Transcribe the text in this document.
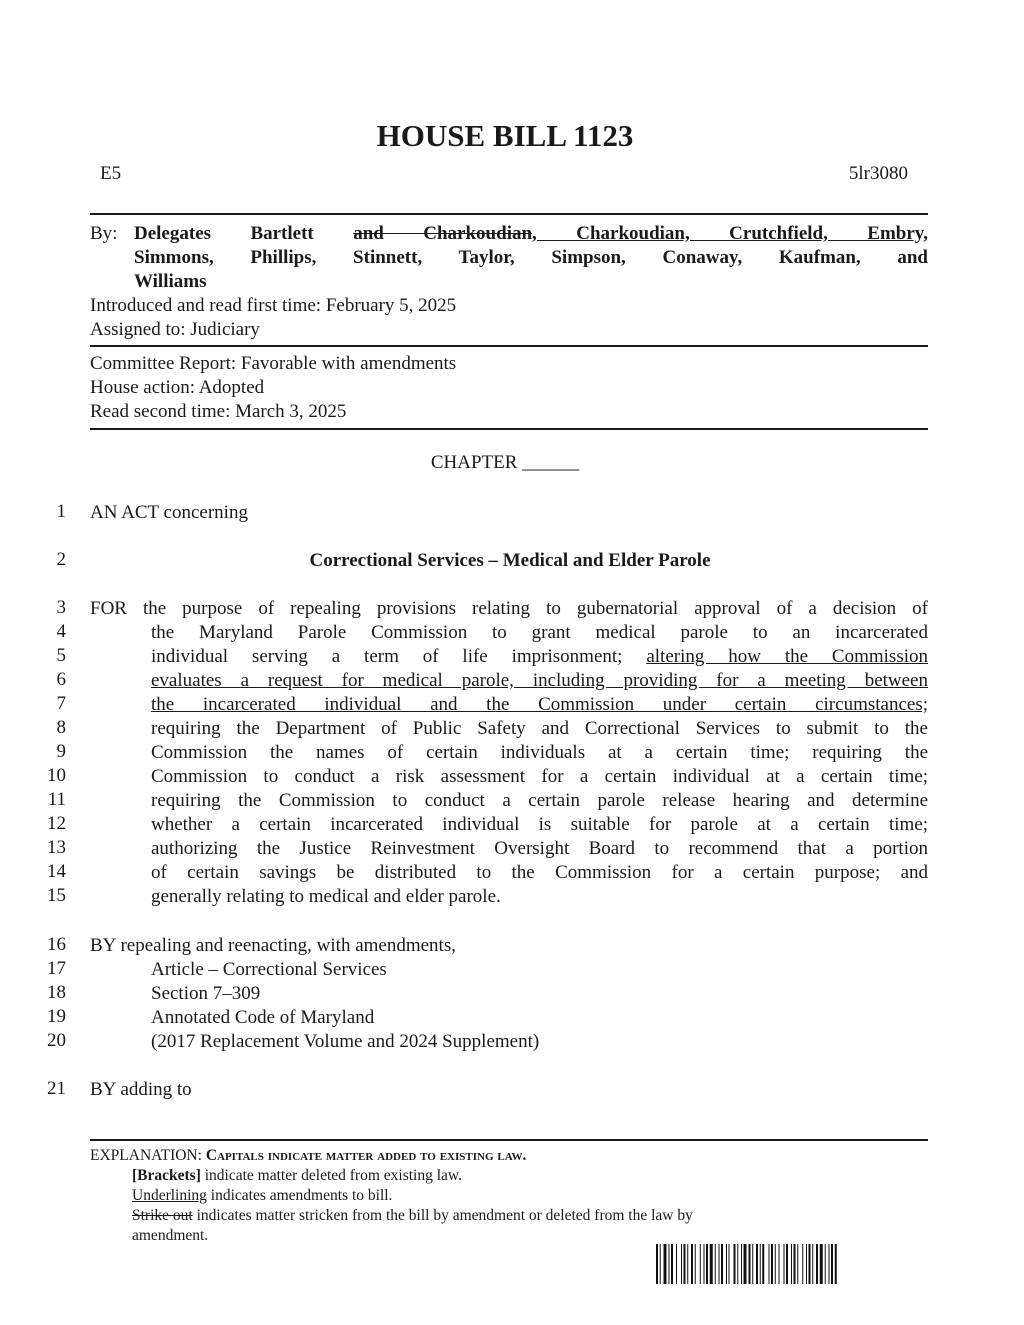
HOUSE BILL 1123
E5	5lr3080
By: Delegates Bartlett and Charkoudian, Charkoudian, Crutchfield, Embry,
Simmons, Phillips, Stinnett, Taylor, Simpson, Conaway, Kaufman, and
Williams
Introduced and read first time: February 5, 2025
Assigned to: Judiciary
Committee Report: Favorable with amendments
House action: Adopted
Read second time: March 3, 2025
CHAPTER ______
1
2
3
4
5
6
7
8
9
10
11
12
13
14
15
16
17
18
19
20
21
AN ACT concerning
Correctional Services – Medical and Elder Parole
FOR the purpose of repealing provisions relating to gubernatorial approval of a decision of
the Maryland Parole Commission to grant medical parole to an incarcerated
individual serving a term of life imprisonment; altering how the Commission
evaluates a request for medical parole, including providing for a meeting between
the incarcerated individual and the Commission under certain circumstances;
requiring the Department of Public Safety and Correctional Services to submit to the
Commission the names of certain individuals at a certain time; requiring the
Commission to conduct a risk assessment for a certain individual at a certain time;
requiring the Commission to conduct a certain parole release hearing and determine
whether a certain incarcerated individual is suitable for parole at a certain time;
authorizing the Justice Reinvestment Oversight Board to recommend that a portion
of certain savings be distributed to the Commission for a certain purpose; and
generally relating to medical and elder parole.
BY repealing and reenacting, with amendments,
Article – Correctional Services
Section 7–309
Annotated Code of Maryland
(2017 Replacement Volume and 2024 Supplement)
BY adding to
EXPLANATION: Capitals indicate matter added to existing law.
[Brackets] indicate matter deleted from existing law.
Underlining indicates amendments to bill.
Strike out indicates matter stricken from the bill by amendment or deleted from the law by
amendment.
